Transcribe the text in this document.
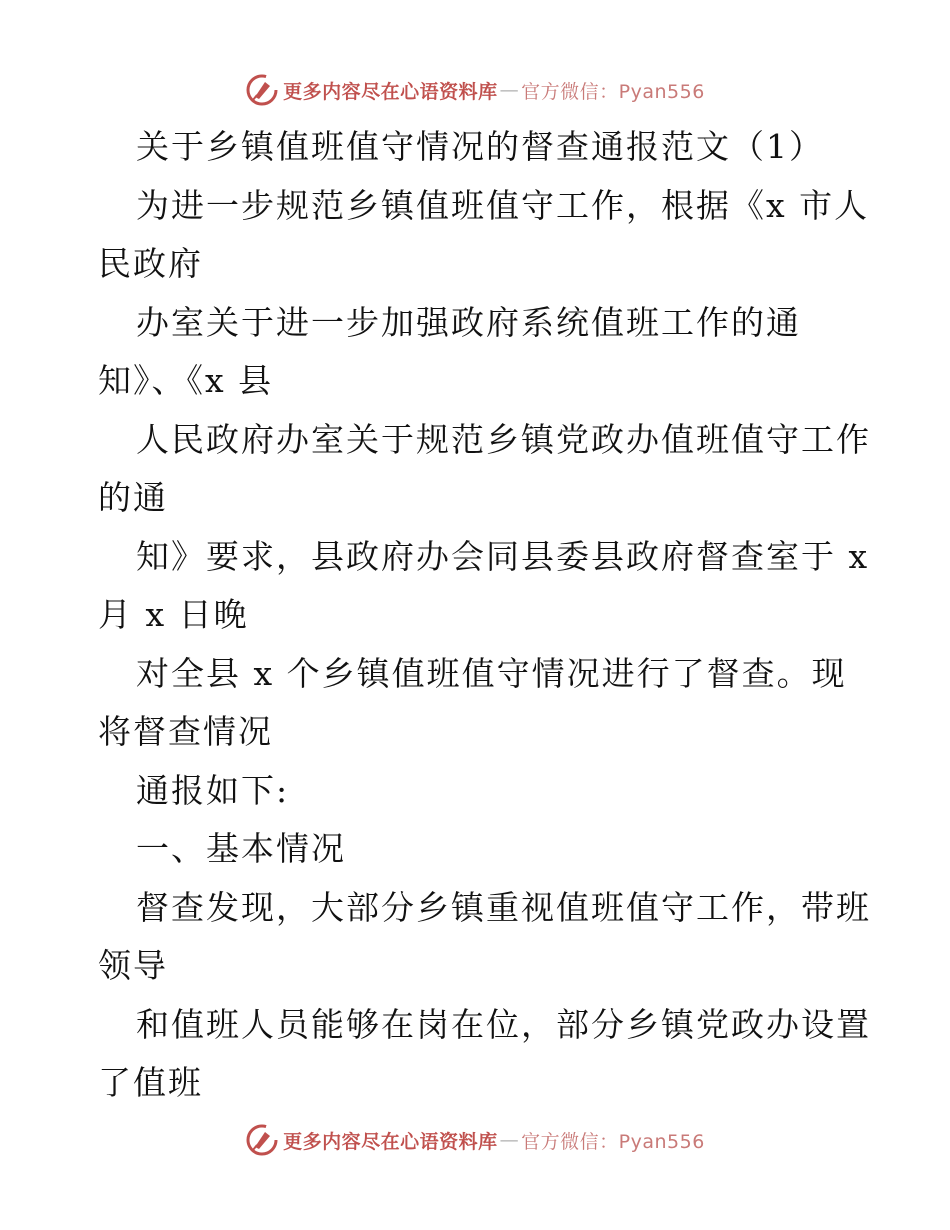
更多内容尽在心语资料库 — 官方微信：Pyan556
关于乡镇值班值守情况的督查通报范文（1）
为进一步规范乡镇值班值守工作，根据《x 市人
民政府
办室关于进一步加强政府系统值班工作的通
知》、《x 县
人民政府办室关于规范乡镇党政办值班值守工作
的通
知》要求，县政府办会同县委县政府督查室于 x
月 x 日晚
对全县 x 个乡镇值班值守情况进行了督查。现
将督查情况
通报如下:
一、基本情况
督查发现，大部分乡镇重视值班值守工作，带班
领导
和值班人员能够在岗在位，部分乡镇党政办设置
了值班
更多内容尽在心语资料库 — 官方微信：Pyan556
